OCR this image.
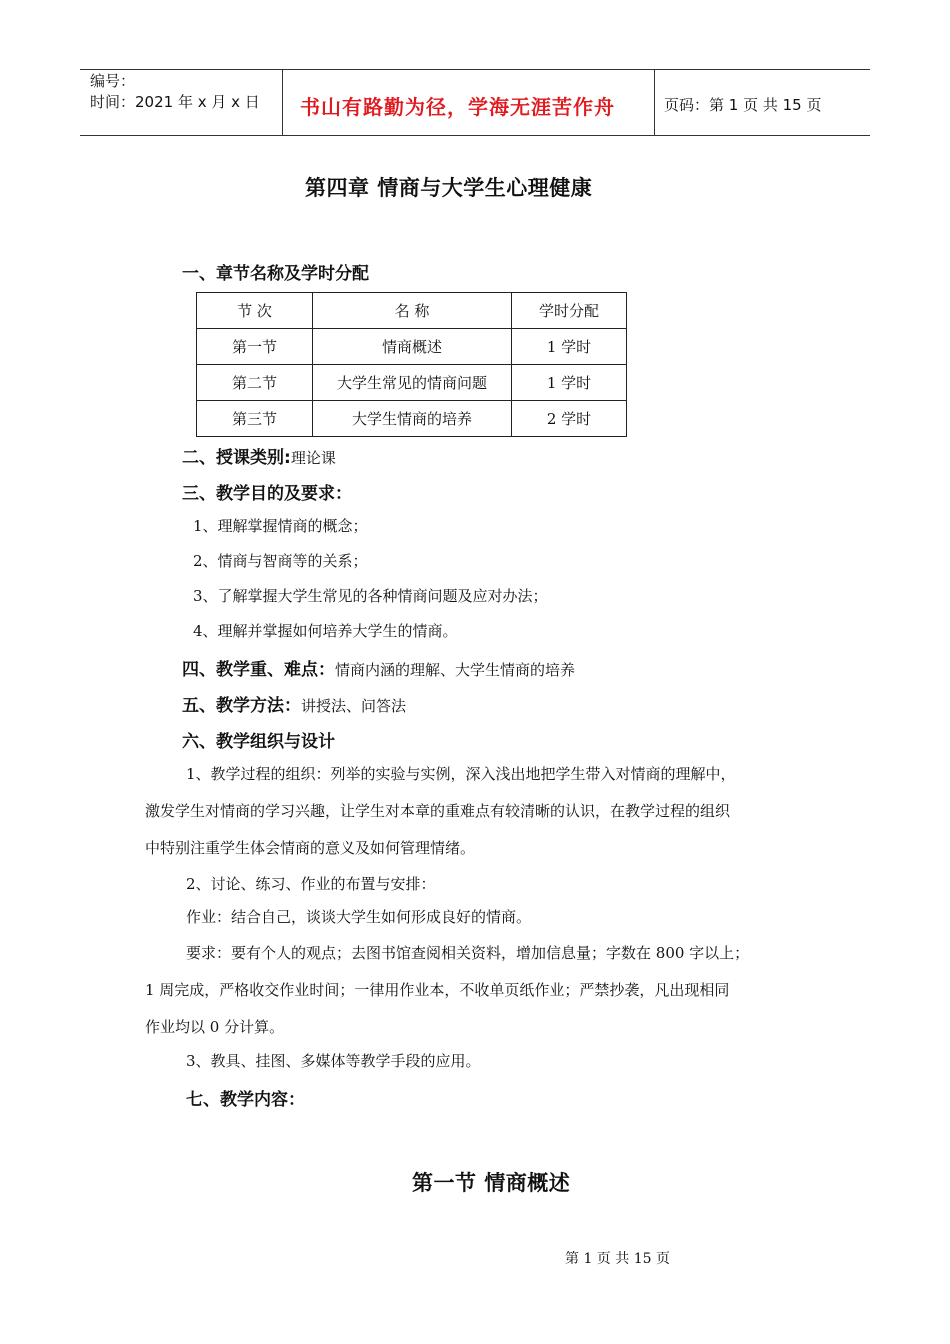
编号：
时间：2021 年 x 月 x 日 书山有路勤为径，学海无涯苦作舟	页码：第 1 页 共 15 页
第四章 情商与大学生心理健康
一、章节名称及学时分配
节 次	名 称	学时分配
第一节	情商概述	1 学时
第二节	大学生常见的情商问题	1 学时
第三节	大学生情商的培养	2 学时
二、授课类别:理论课
三、教学目的及要求：
1、理解掌握情商的概念；
2、情商与智商等的关系；
3、了解掌握大学生常见的各种情商问题及应对办法；
4、理解并掌握如何培养大学生的情商。
四、教学重、难点：情商内涵的理解、大学生情商的培养
五、教学方法：讲授法、问答法
六、教学组织与设计
1、教学过程的组织：列举的实验与实例，深入浅出地把学生带入对情商的理解中，
激发学生对情商的学习兴趣，让学生对本章的重难点有较清晰的认识，在教学过程的组织
中特别注重学生体会情商的意义及如何管理情绪。
2、讨论、练习、作业的布置与安排：
作业：结合自己，谈谈大学生如何形成良好的情商。
要求：要有个人的观点；去图书馆查阅相关资料，增加信息量；字数在 800 字以上；
1 周完成，严格收交作业时间；一律用作业本，不收单页纸作业；严禁抄袭，凡出现相同
作业均以 0 分计算。
3、教具、挂图、多媒体等教学手段的应用。
七、教学内容：
第一节 情商概述
第 1 页 共 15 页
